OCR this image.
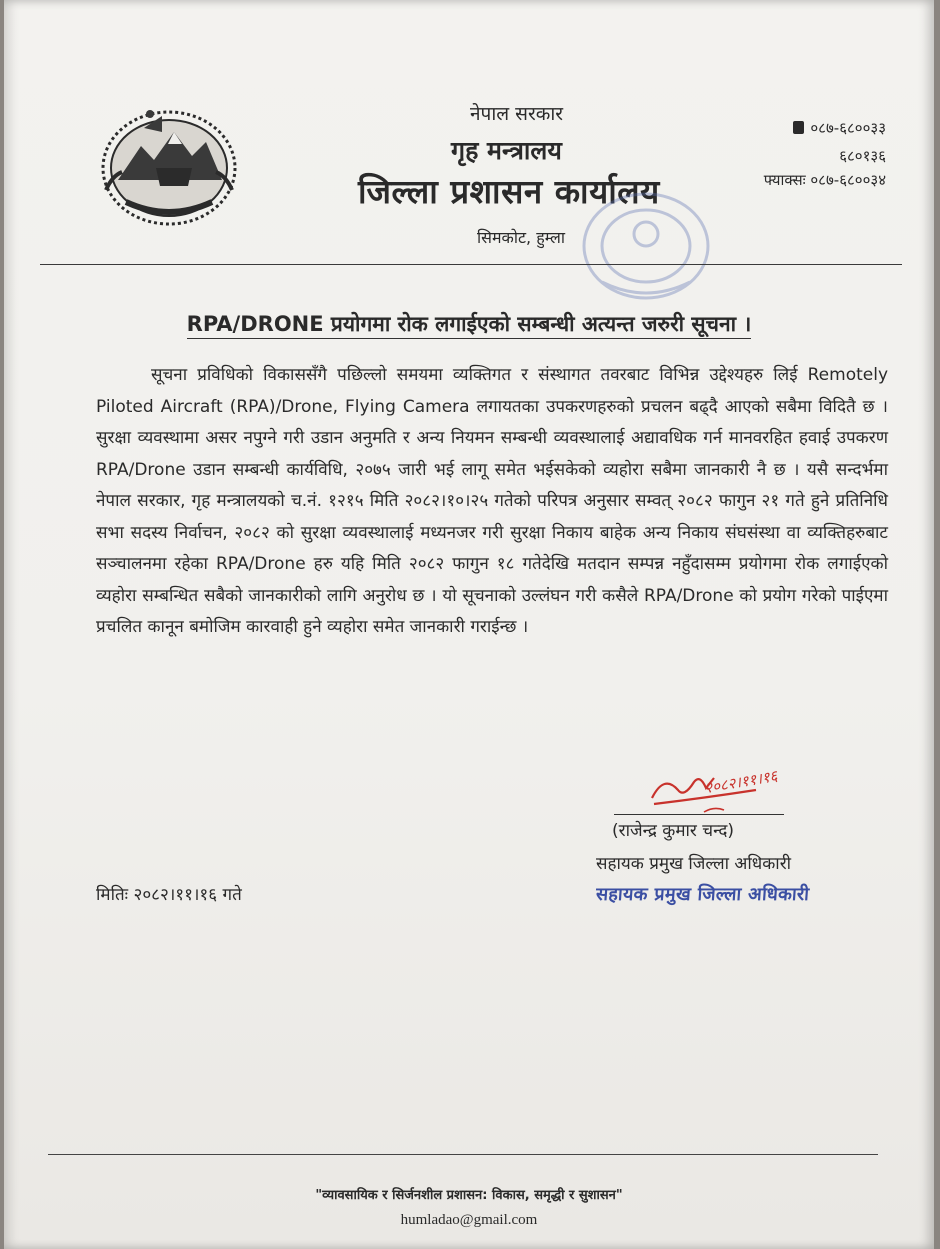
नेपाल सरकार
गृह मन्त्रालय
जिल्ला प्रशासन कार्यालय
सिमकोट, हुम्ला
०८७-६८००३३
६८०१३६
फ्याक्सः ०८७-६८००३४
RPA/DRONE प्रयोगमा रोक लगाईएको सम्बन्धी अत्यन्त जरुरी सूचना ।

सूचना प्रविधिको विकाससँगै पछिल्लो समयमा व्यक्तिगत र संस्थागत तवरबाट विभिन्न उद्देश्यहरु लिई Remotely Piloted Aircraft (RPA)/Drone, Flying Camera लगायतका उपकरणहरुको प्रचलन बढ्दै आएको सबैमा विदितै छ । सुरक्षा व्यवस्थामा असर नपुग्ने गरी उडान अनुमति र अन्य नियमन सम्बन्धी व्यवस्थालाई अद्यावधिक गर्न मानवरहित हवाई उपकरण RPA/Drone उडान सम्बन्धी कार्यविधि, २०७५ जारी भई लागू समेत भईसकेको व्यहोरा सबैमा जानकारी नै छ । यसै सन्दर्भमा नेपाल सरकार, गृह मन्त्रालयको च.नं. १२१५ मिति २०८२।१०।२५ गतेको परिपत्र अनुसार सम्वत् २०८२ फागुन २१ गते हुने प्रतिनिधि सभा सदस्य निर्वाचन, २०८२ को सुरक्षा व्यवस्थालाई मध्यनजर गरी सुरक्षा निकाय बाहेक अन्य निकाय संघसंस्था वा व्यक्तिहरुबाट सञ्चालनमा रहेका RPA/Drone हरु यहि मिति २०८२ फागुन १८ गतेदेखि मतदान सम्पन्न नहुँदासम्म प्रयोगमा रोक लगाईएको व्यहोरा सम्बन्धित सबैको जानकारीको लागि अनुरोध छ । यो सूचनाको उल्लंघन गरी कसैले RPA/Drone को प्रयोग गरेको पाईएमा प्रचलित कानून बमोजिम कारवाही हुने व्यहोरा समेत जानकारी गराईन्छ ।

२०८२।११।१६
(राजेन्द्र कुमार चन्द)
सहायक प्रमुख जिल्ला अधिकारी
सहायक प्रमुख जिल्ला अधिकारी
मितिः २०८२।११।१६ गते
"व्यावसायिक र सिर्जनशील प्रशासन: विकास, समृद्धी र सुशासन"
humladao@gmail.com
